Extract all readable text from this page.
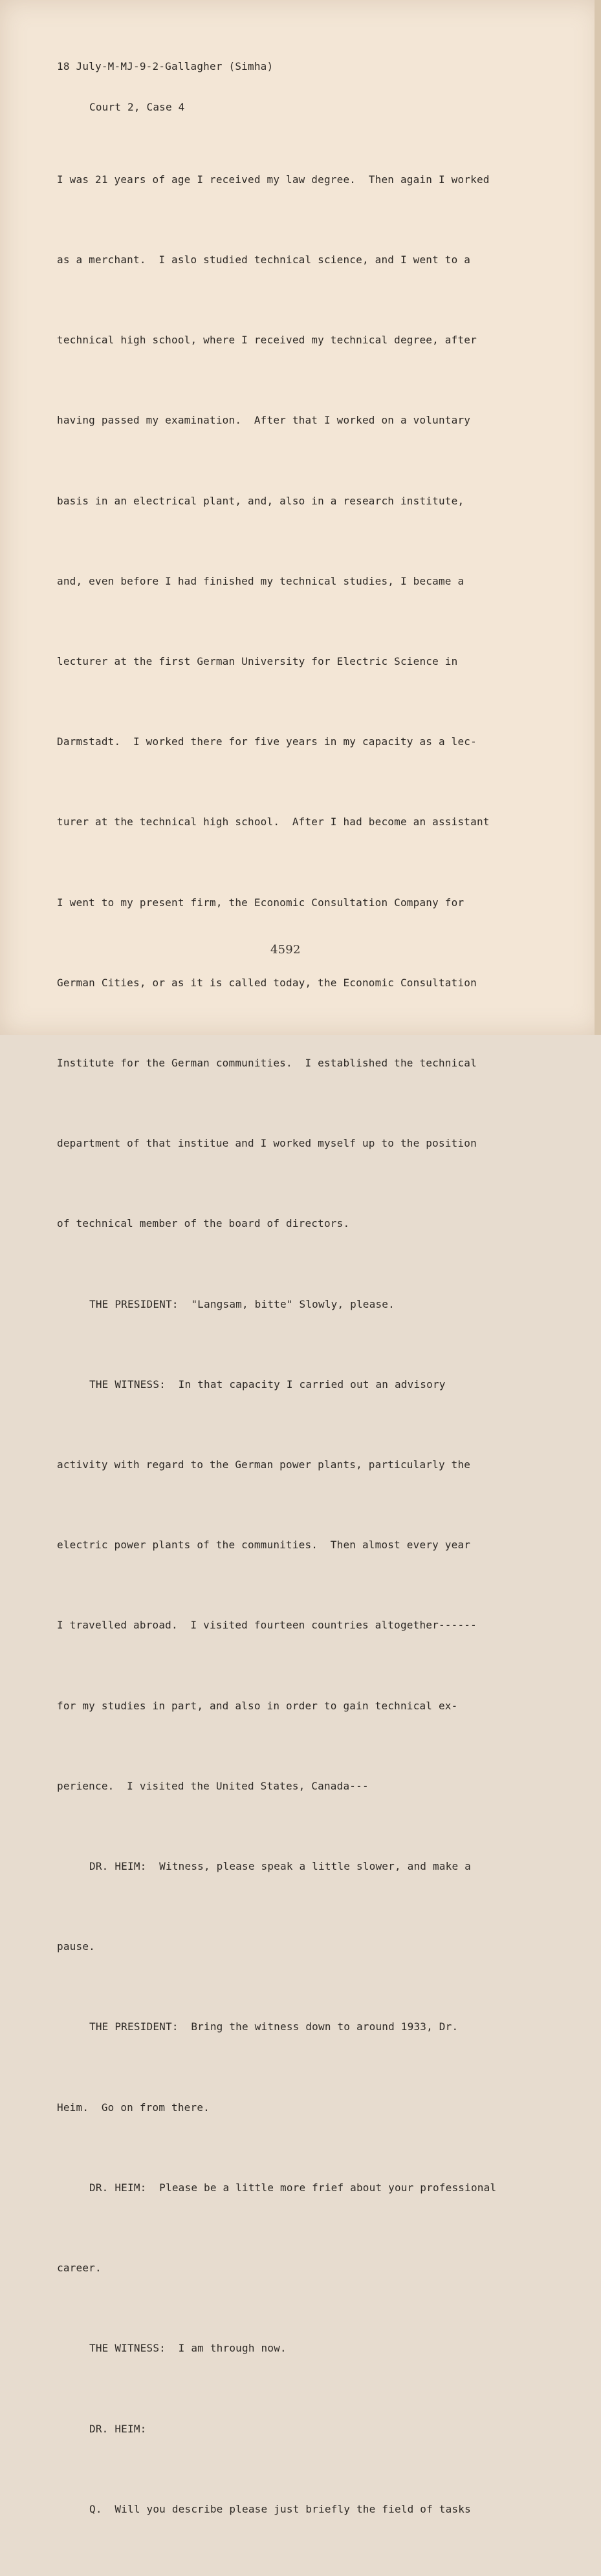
18 July-M-MJ-9-2-Gallagher (Simha)

Court 2, Case 4

I was 21 years of age I received my law degree.  Then again I worked

as a merchant.  I aslo studied technical science, and I went to a

technical high school, where I received my technical degree, after

having passed my examination.  After that I worked on a voluntary

basis in an electrical plant, and, also in a research institute,

and, even before I had finished my technical studies, I became a

lecturer at the first German University for Electric Science in

Darmstadt.  I worked there for five years in my capacity as a lec-

turer at the technical high school.  After I had become an assistant

I went to my present firm, the Economic Consultation Company for

German Cities, or as it is called today, the Economic Consultation

Institute for the German communities.  I established the technical

department of that institue and I worked myself up to the position

of technical member of the board of directors.

THE PRESIDENT:  "Langsam, bitte" Slowly, please.

THE WITNESS:  In that capacity I carried out an advisory

activity with regard to the German power plants, particularly the

electric power plants of the communities.  Then almost every year

I travelled abroad.  I visited fourteen countries altogether------

for my studies in part, and also in order to gain technical ex-

perience.  I visited the United States, Canada---

DR. HEIM:  Witness, please speak a little slower, and make a

pause.

THE PRESIDENT:  Bring the witness down to around 1933, Dr.

Heim.  Go on from there.

DR. HEIM:  Please be a little more frief about your professional

career.

THE WITNESS:  I am through now.

DR. HEIM:

Q.  Will you describe please just briefly the field of tasks

4592
